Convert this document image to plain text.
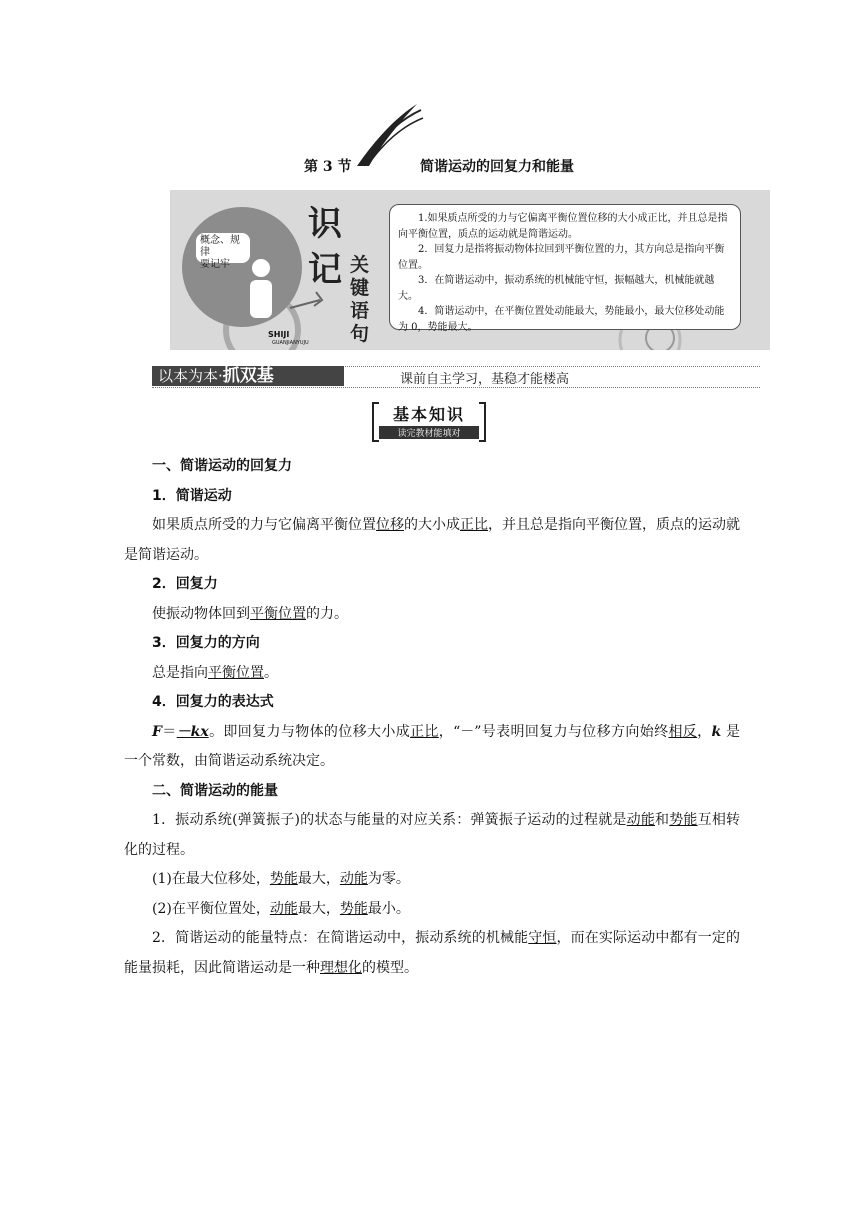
第 3 节	简谐运动的回复力和能量
概念、规律
要记牢
识
记 关
键
语
句
SHIJI
GUANJIANYUJU

1.如果质点所受的力与它偏离平衡位置位移的大小成正比，并且总是指向平衡位置，质点的运动就是简谐运动。

2．回复力是指将振动物体拉回到平衡位置的力，其方向总是指向平衡位置。

3．在简谐运动中，振动系统的机械能守恒，振幅越大，机械能就越大。

4．简谐运动中，在平衡位置处动能最大，势能最小，最大位移处动能为 0，势能最大。

以本为本·抓双基	课前自主学习，基稳才能楼高
基本知识
读完教材能填对

一、简谐运动的回复力

1．简谐运动

如果质点所受的力与它偏离平衡位置位移的大小成正比，并且总是指向平衡位置，质点的运动就是简谐运动。

2．回复力

使振动物体回到平衡位置的力。

3．回复力的方向

总是指向平衡位置。

4．回复力的表达式

F＝－kx。即回复力与物体的位移大小成正比，“－”号表明回复力与位移方向始终相反，k 是一个常数，由简谐运动系统决定。

二、简谐运动的能量

1．振动系统(弹簧振子)的状态与能量的对应关系：弹簧振子运动的过程就是动能和势能互相转化的过程。

(1)在最大位移处，势能最大，动能为零。

(2)在平衡位置处，动能最大，势能最小。

2．简谐运动的能量特点：在简谐运动中，振动系统的机械能守恒，而在实际运动中都有一定的能量损耗，因此简谐运动是一种理想化的模型。
